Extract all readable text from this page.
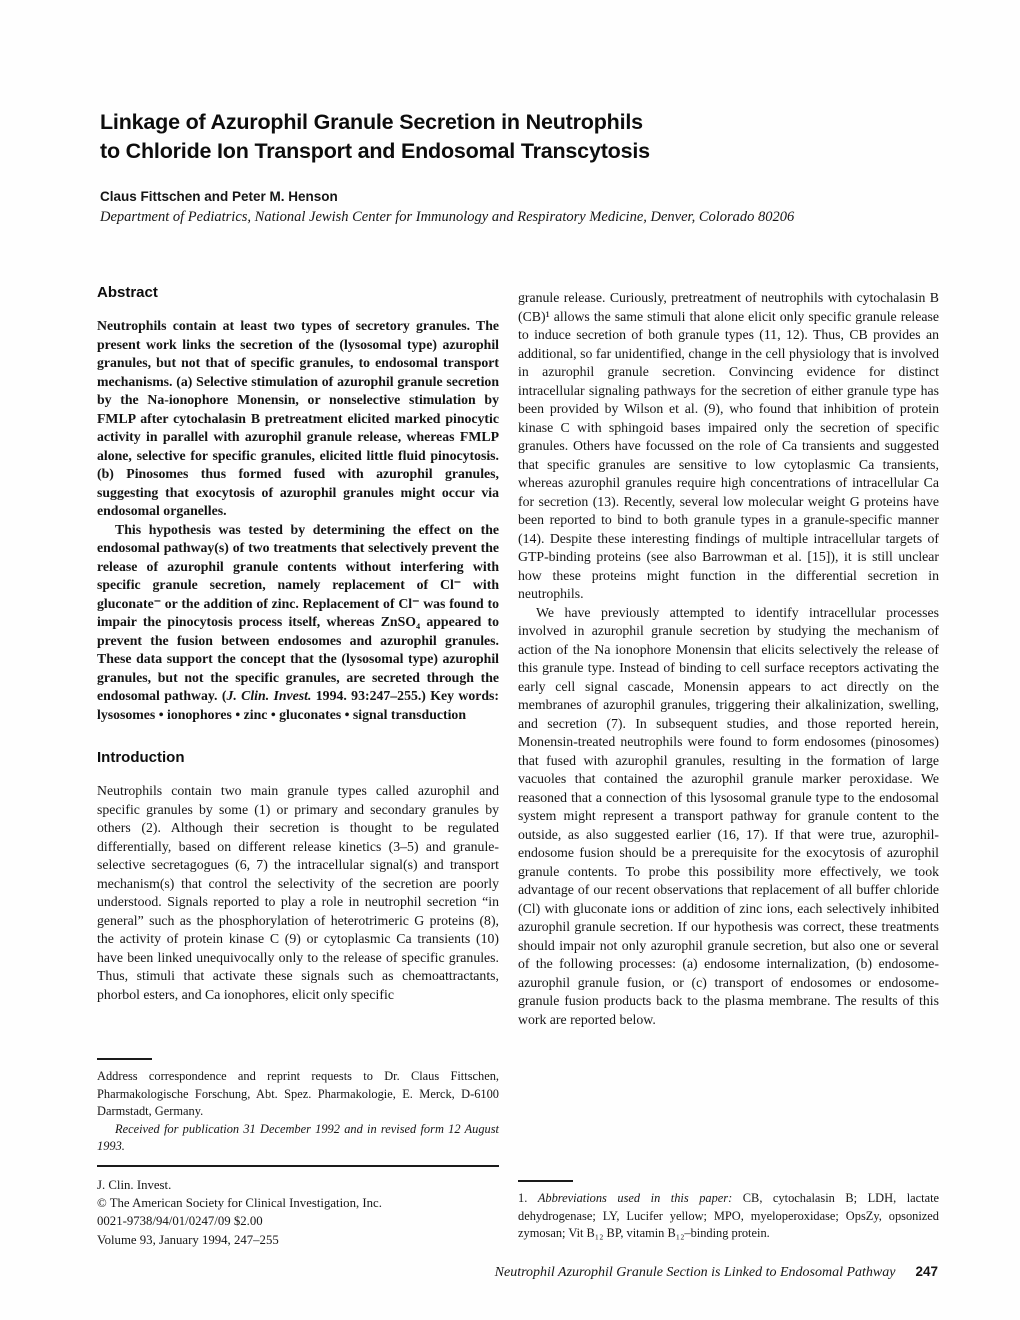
Linkage of Azurophil Granule Secretion in Neutrophils
to Chloride Ion Transport and Endosomal Transcytosis
Claus Fittschen and Peter M. Henson
Department of Pediatrics, National Jewish Center for Immunology and Respiratory Medicine, Denver, Colorado 80206
Abstract

Neutrophils contain at least two types of secretory granules. The present work links the secretion of the (lysosomal type) azurophil granules, but not that of specific granules, to endosomal transport mechanisms. (a) Selective stimulation of azurophil granule secretion by the Na-ionophore Monensin, or nonselective stimulation by FMLP after cytochalasin B pretreatment elicited marked pinocytic activity in parallel with azurophil granule release, whereas FMLP alone, selective for specific granules, elicited little fluid pinocytosis. (b) Pinosomes thus formed fused with azurophil granules, suggesting that exocytosis of azurophil granules might occur via endosomal organelles.

This hypothesis was tested by determining the effect on the endosomal pathway(s) of two treatments that selectively prevent the release of azurophil granule contents without interfering with specific granule secretion, namely replacement of Cl⁻ with gluconate⁻ or the addition of zinc. Replacement of Cl⁻ was found to impair the pinocytosis process itself, whereas ZnSO₄ appeared to prevent the fusion between endosomes and azurophil granules. These data support the concept that the (lysosomal type) azurophil granules, but not the specific granules, are secreted through the endosomal pathway. (J. Clin. Invest. 1994. 93:247–255.) Key words: lysosomes • ionophores • zinc • gluconates • signal transduction

Introduction

Neutrophils contain two main granule types called azurophil and specific granules by some (1) or primary and secondary granules by others (2). Although their secretion is thought to be regulated differentially, based on different release kinetics (3–5) and granule-selective secretagogues (6, 7) the intracellular signal(s) and transport mechanism(s) that control the selectivity of the secretion are poorly understood. Signals reported to play a role in neutrophil secretion “in general” such as the phosphorylation of heterotrimeric G proteins (8), the activity of protein kinase C (9) or cytoplasmic Ca transients (10) have been linked unequivocally only to the release of specific granules. Thus, stimuli that activate these signals such as chemoattractants, phorbol esters, and Ca ionophores, elicit only specific

granule release. Curiously, pretreatment of neutrophils with cytochalasin B (CB)¹ allows the same stimuli that alone elicit only specific granule release to induce secretion of both granule types (11, 12). Thus, CB provides an additional, so far unidentified, change in the cell physiology that is involved in azurophil granule secretion. Convincing evidence for distinct intracellular signaling pathways for the secretion of either granule type has been provided by Wilson et al. (9), who found that inhibition of protein kinase C with sphingoid bases impaired only the secretion of specific granules. Others have focussed on the role of Ca transients and suggested that specific granules are sensitive to low cytoplasmic Ca transients, whereas azurophil granules require high concentrations of intracellular Ca for secretion (13). Recently, several low molecular weight G proteins have been reported to bind to both granule types in a granule-specific manner (14). Despite these interesting findings of multiple intracellular targets of GTP-binding proteins (see also Barrowman et al. [15]), it is still unclear how these proteins might function in the differential secretion in neutrophils.

We have previously attempted to identify intracellular processes involved in azurophil granule secretion by studying the mechanism of action of the Na ionophore Monensin that elicits selectively the release of this granule type. Instead of binding to cell surface receptors activating the early cell signal cascade, Monensin appears to act directly on the membranes of azurophil granules, triggering their alkalinization, swelling, and secretion (7). In subsequent studies, and those reported herein, Monensin-treated neutrophils were found to form endosomes (pinosomes) that fused with azurophil granules, resulting in the formation of large vacuoles that contained the azurophil granule marker peroxidase. We reasoned that a connection of this lysosomal granule type to the endosomal system might represent a transport pathway for granule content to the outside, as also suggested earlier (16, 17). If that were true, azurophil-endosome fusion should be a prerequisite for the exocytosis of azurophil granule contents. To probe this possibility more effectively, we took advantage of our recent observations that replacement of all buffer chloride (Cl) with gluconate ions or addition of zinc ions, each selectively inhibited azurophil granule secretion. If our hypothesis was correct, these treatments should impair not only azurophil granule secretion, but also one or several of the following processes: (a) endosome internalization, (b) endosome-azurophil granule fusion, or (c) transport of endosomes or endosome-granule fusion products back to the plasma membrane. The results of this work are reported below.

Address correspondence and reprint requests to Dr. Claus Fittschen, Pharmakologische Forschung, Abt. Spez. Pharmakologie, E. Merck, D-6100 Darmstadt, Germany.

Received for publication 31 December 1992 and in revised form 12 August 1993.

J. Clin. Invest.
© The American Society for Clinical Investigation, Inc.
0021-9738/94/01/0247/09 $2.00
Volume 93, January 1994, 247–255

1. Abbreviations used in this paper: CB, cytochalasin B; LDH, lactate dehydrogenase; LY, Lucifer yellow; MPO, myeloperoxidase; OpsZy, opsonized zymosan; Vit B₁₂ BP, vitamin B₁₂–binding protein.

Neutrophil Azurophil Granule Section is Linked to Endosomal Pathway 247
